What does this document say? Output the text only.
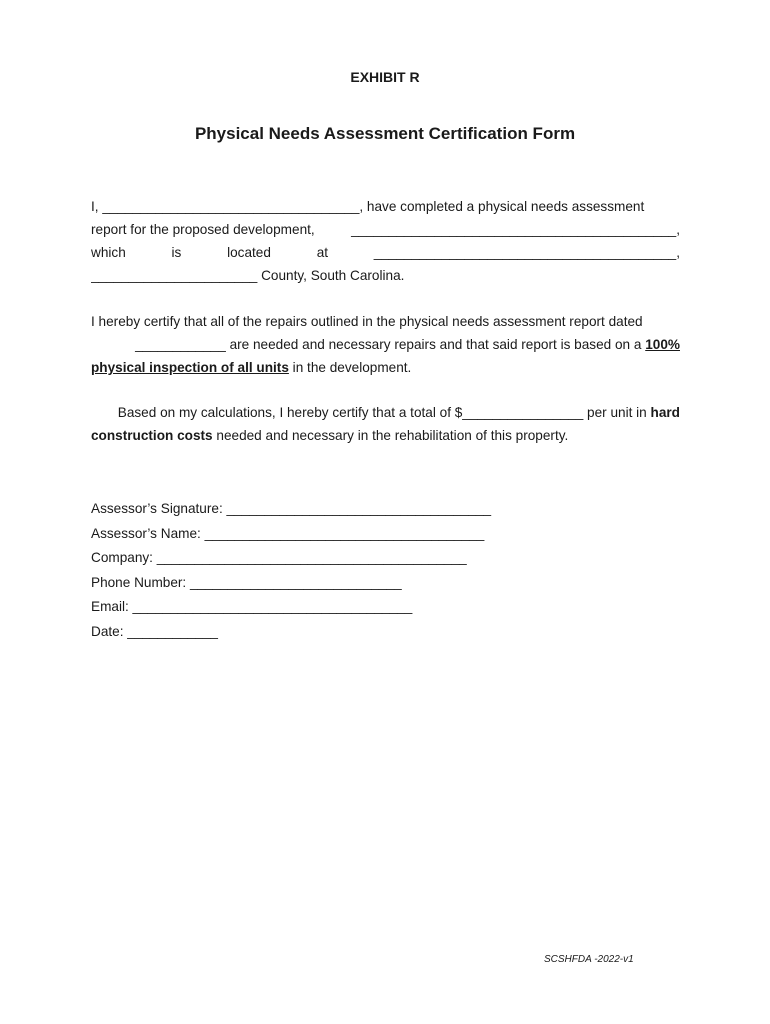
EXHIBIT R
Physical Needs Assessment Certification Form
I, __________________________________, have completed a physical needs assessment
report for the proposed development,	___________________________________________,
which	is	located	at	________________________________________,
______________________ County, South Carolina.
I hereby certify that all of the repairs outlined in the physical needs assessment report dated
____________ are needed and necessary repairs and that said report is based on a 100%
physical inspection of all units in the development.
Based on my calculations, I hereby certify that a total of $________________ per unit in hard
construction costs needed and necessary in the rehabilitation of this property.
Assessor’s Signature: ___________________________________
Assessor’s Name: _____________________________________
Company: _________________________________________
Phone Number: ____________________________
Email: _____________________________________
Date: ____________
SCSHFDA -2022-v1
